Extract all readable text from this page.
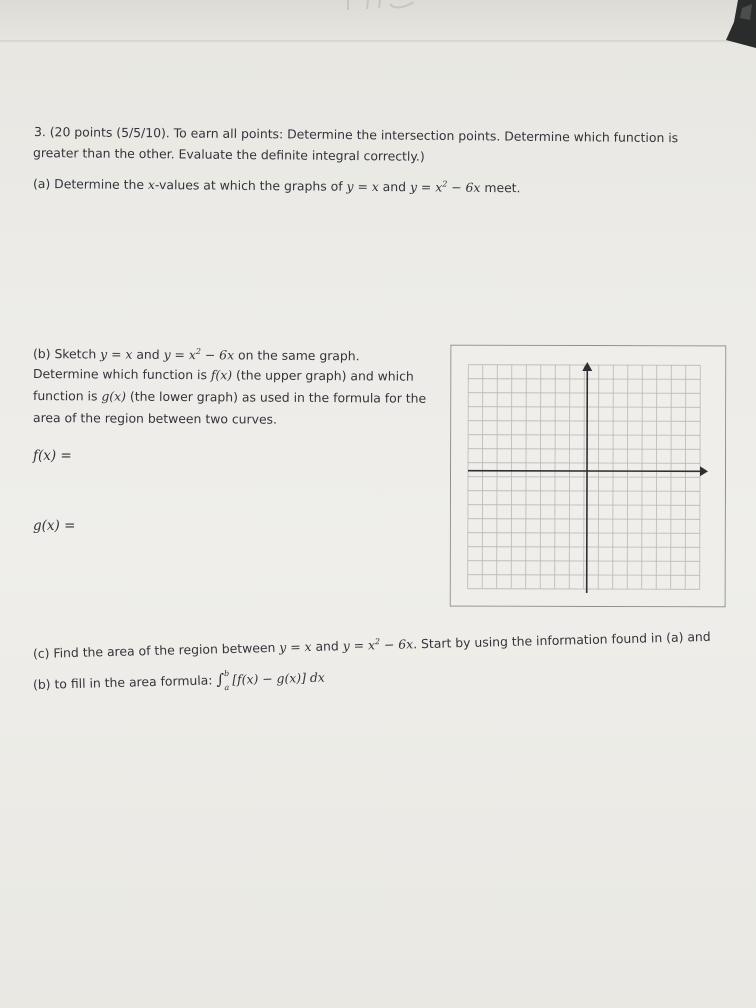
3. (20 points (5/5/10). To earn all points: Determine the intersection points. Determine which function is
greater than the other. Evaluate the definite integral correctly.)
(a) Determine the x-values at which the graphs of y = x and $y = x^2 - 6x$ meet.
(b) Sketch y = x and $y = x^2 - 6x$ on the same graph.
Determine which function is f(x) (the upper graph) and which
function is g(x) (the lower graph) as used in the formula for the
area of the region between two curves.
f(x) =
g(x) =
(c) Find the area of the region between y = x and $y = x^2 - 6x$. Start by using the information found in (a) and
(b) to fill in the area formula: ∫ b
a
[f(x) − g(x)] dx
